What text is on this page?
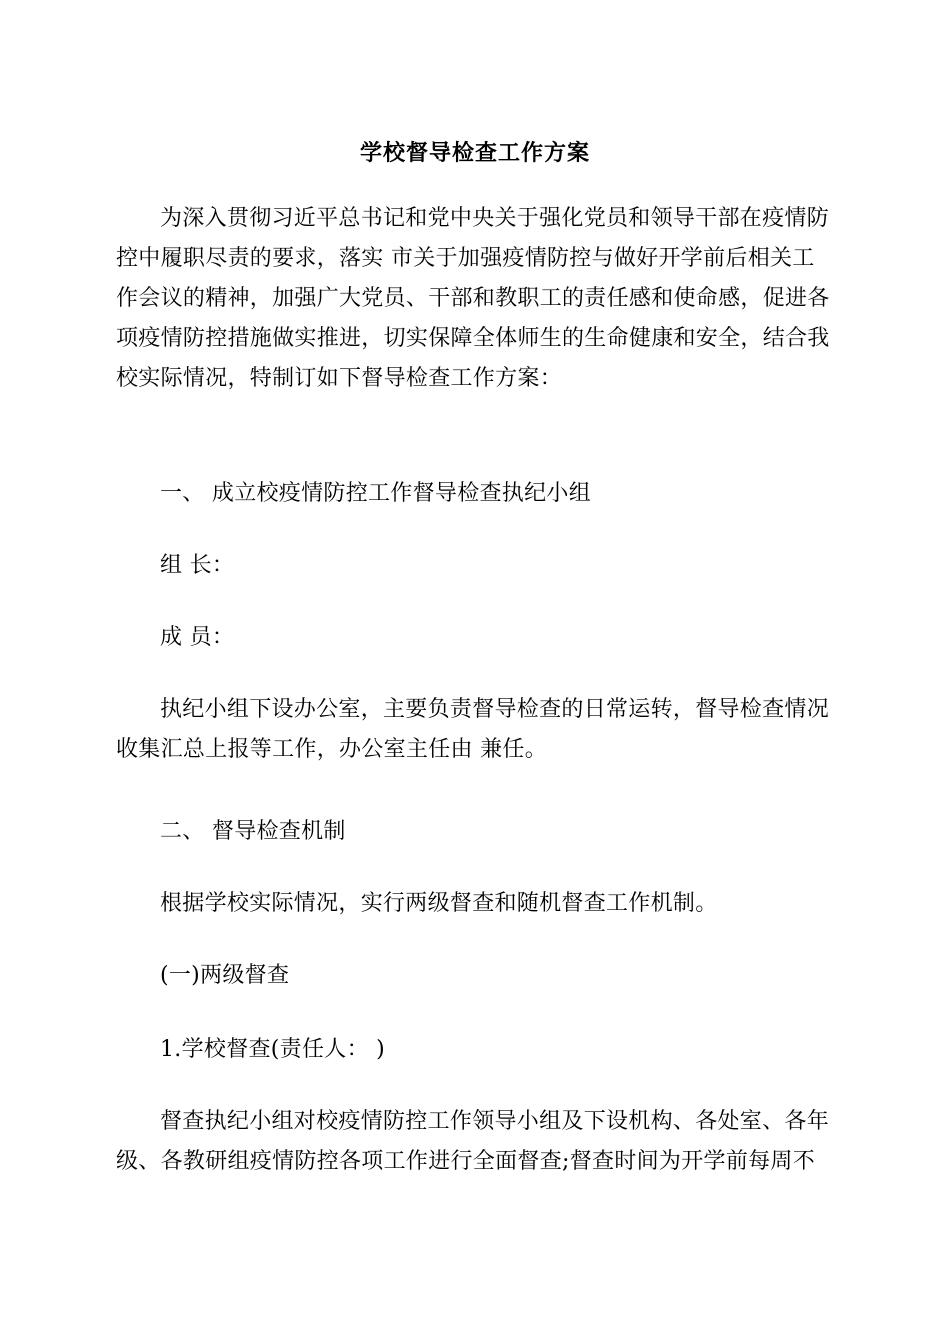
学校督导检查工作方案
为深入贯彻习近平总书记和党中央关于强化党员和领导干部在疫情防
控中履职尽责的要求，落实 市关于加强疫情防控与做好开学前后相关工
作会议的精神，加强广大党员、干部和教职工的责任感和使命感，促进各
项疫情防控措施做实推进，切实保障全体师生的生命健康和安全，结合我
校实际情况，特制订如下督导检查工作方案：
一、 成立校疫情防控工作督导检查执纪小组
组 长：
成 员：
执纪小组下设办公室，主要负责督导检查的日常运转，督导检查情况
收集汇总上报等工作，办公室主任由 兼任。
二、 督导检查机制
根据学校实际情况，实行两级督查和随机督查工作机制。
(一)两级督查
1.学校督查(责任人： )
督查执纪小组对校疫情防控工作领导小组及下设机构、各处室、各年
级、各教研组疫情防控各项工作进行全面督查;督查时间为开学前每周不
